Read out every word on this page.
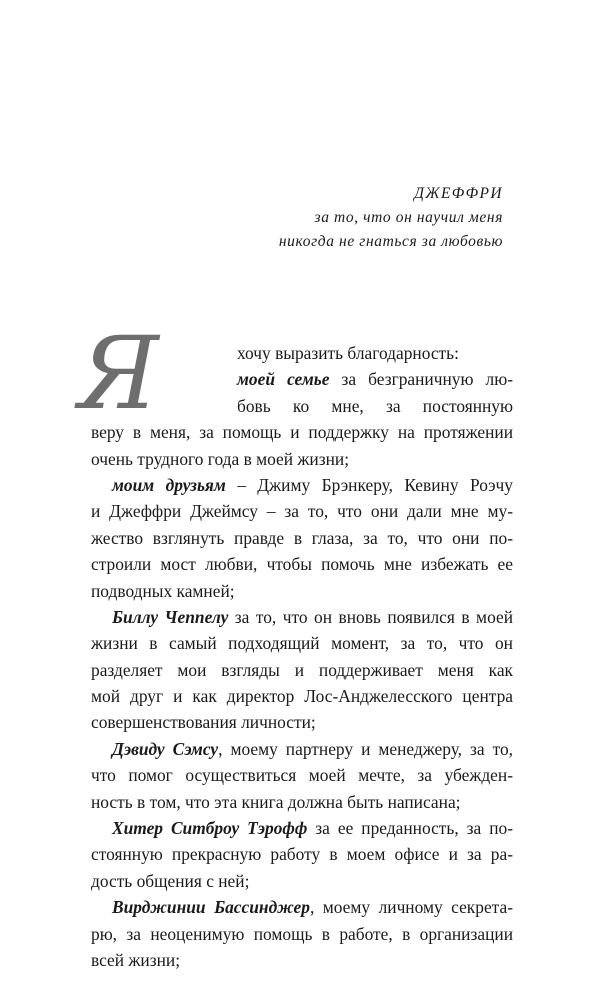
ДЖЕФФРИ
за то, что он научил меня
никогда не гнаться за любовью
Я	хочу выразить благодарность:
моей семье за безграничную лю-
бовь ко мне, за постоянную
веру в меня, за помощь и поддержку на протяжении
очень трудного года в моей жизни;
моим друзьям – Джиму Брэнкеру, Кевину Роэчу
и Джеффри Джеймсу – за то, что они дали мне му-
жество взглянуть правде в глаза, за то, что они по-
строили мост любви, чтобы помочь мне избежать ее
подводных камней;
Биллу Чеппелу за то, что он вновь появился в моей
жизни в самый подходящий момент, за то, что он
разделяет мои взгляды и поддерживает меня как
мой друг и как директор Лос-Анджелесского центра
совершенствования личности;
Дэвиду Сэмсу, моему партнеру и менеджеру, за то,
что помог осуществиться моей мечте, за убежден-
ность в том, что эта книга должна быть написана;
Хитер Ситброу Тэрофф за ее преданность, за по-
стоянную прекрасную работу в моем офисе и за ра-
дость общения с ней;
Вирджинии Бассинджер, моему личному секрета-
рю, за неоценимую помощь в работе, в организации
всей жизни;
